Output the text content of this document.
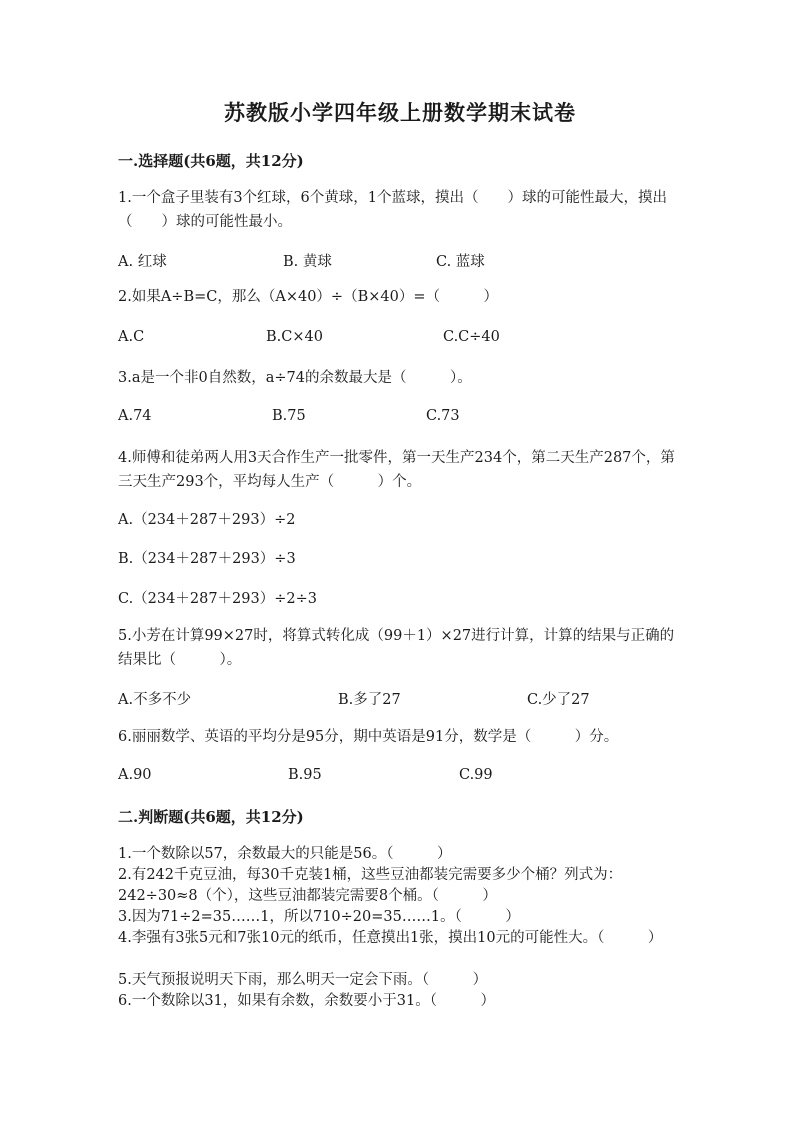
苏教版小学四年级上册数学期末试卷
一.选择题(共6题，共12分)
1.一个盒子里装有3个红球，6个黄球，1个蓝球，摸出（　　）球的可能性最大，摸出（　　）球的可能性最小。
A. 红球	B. 黄球	C. 蓝球
2.如果A÷B=C，那么（A×40）÷（B×40）=（　　　）
A.C	B.C×40	C.C÷40
3.a是一个非0自然数，a÷74的余数最大是（　　　）。
A.74	B.75	C.73
4.师傅和徒弟两人用3天合作生产一批零件，第一天生产234个，第二天生产287个，第三天生产293个，平均每人生产（　　　）个。
A.（234＋287＋293）÷2
B.（234＋287＋293）÷3
C.（234＋287＋293）÷2÷3
5.小芳在计算99×27时，将算式转化成（99＋1）×27进行计算，计算的结果与正确的结果比（　　　）。
A.不多不少	B.多了27	C.少了27
6.丽丽数学、英语的平均分是95分，期中英语是91分，数学是（　　　）分。
A.90	B.95	C.99
二.判断题(共6题，共12分)
1.一个数除以57，余数最大的只能是56。（　　　）
2.有242千克豆油，每30千克装1桶，这些豆油都装完需要多少个桶？列式为：242÷30≈8（个），这些豆油都装完需要8个桶。（　　　）
3.因为71÷2=35……1，所以710÷20=35……1。（　　　）
4.李强有3张5元和7张10元的纸币，任意摸出1张，摸出10元的可能性大。（　　　）
5.天气预报说明天下雨，那么明天一定会下雨。（　　　）
6.一个数除以31，如果有余数，余数要小于31。（　　　）
